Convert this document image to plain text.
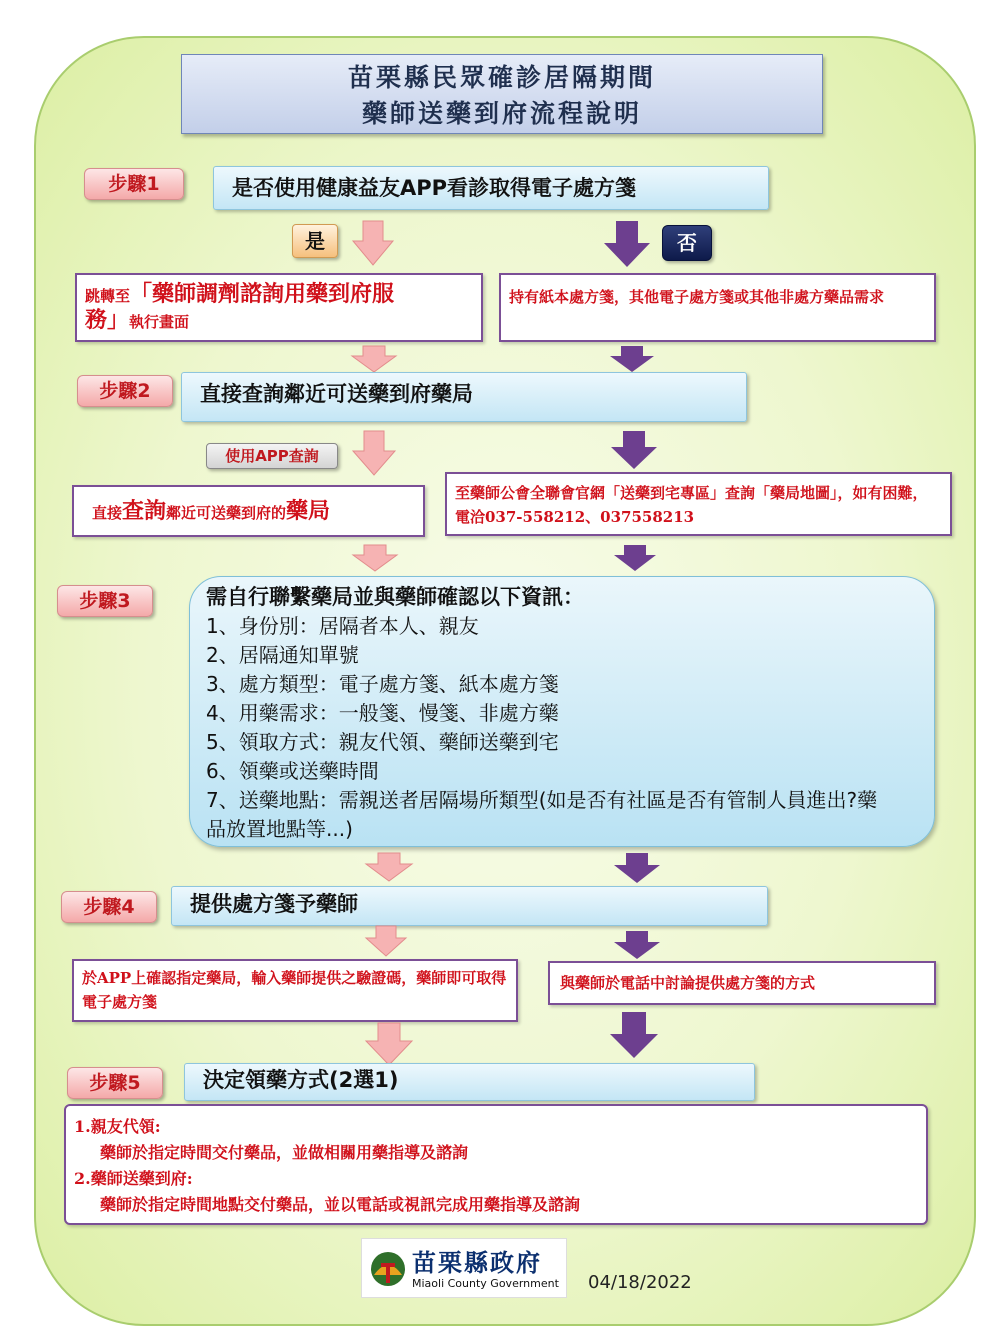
苗栗縣民眾確診居隔期間
藥師送藥到府流程說明
步驟1	是否使用健康益友APP看診取得電子處方箋
是	否
跳轉至「藥師調劑諮詢用藥到府服
務」執行畫面
持有紙本處方箋，其他電子處方箋或其他非處方藥品需求
步驟2	直接查詢鄰近可送藥到府藥局
使用APP查詢
直接查詢鄰近可送藥到府的藥局
至藥師公會全聯會官網「送藥到宅專區」查詢「藥局地圖」，如有困難，電洽037-558212、037558213
步驟3	需自行聯繫藥局並與藥師確認以下資訊：
1、身份別：居隔者本人、親友
2、居隔通知單號
3、處方類型：電子處方箋、紙本處方箋
4、用藥需求：一般箋、慢箋、非處方藥
5、領取方式：親友代領、藥師送藥到宅
6、領藥或送藥時間
7、送藥地點：需親送者居隔場所類型(如是否有社區是否有管制人員進出?藥品放置地點等...)
步驟4	提供處方箋予藥師
於APP上確認指定藥局，輸入藥師提供之驗證碼，藥師即可取得電子處方箋
與藥師於電話中討論提供處方箋的方式
步驟5	決定領藥方式(2選1)
1.親友代領:
藥師於指定時間交付藥品，並做相關用藥指導及諮詢
2.藥師送藥到府:
藥師於指定時間地點交付藥品，並以電話或視訊完成用藥指導及諮詢
苗栗縣政府
Miaoli County Government 04/18/2022
